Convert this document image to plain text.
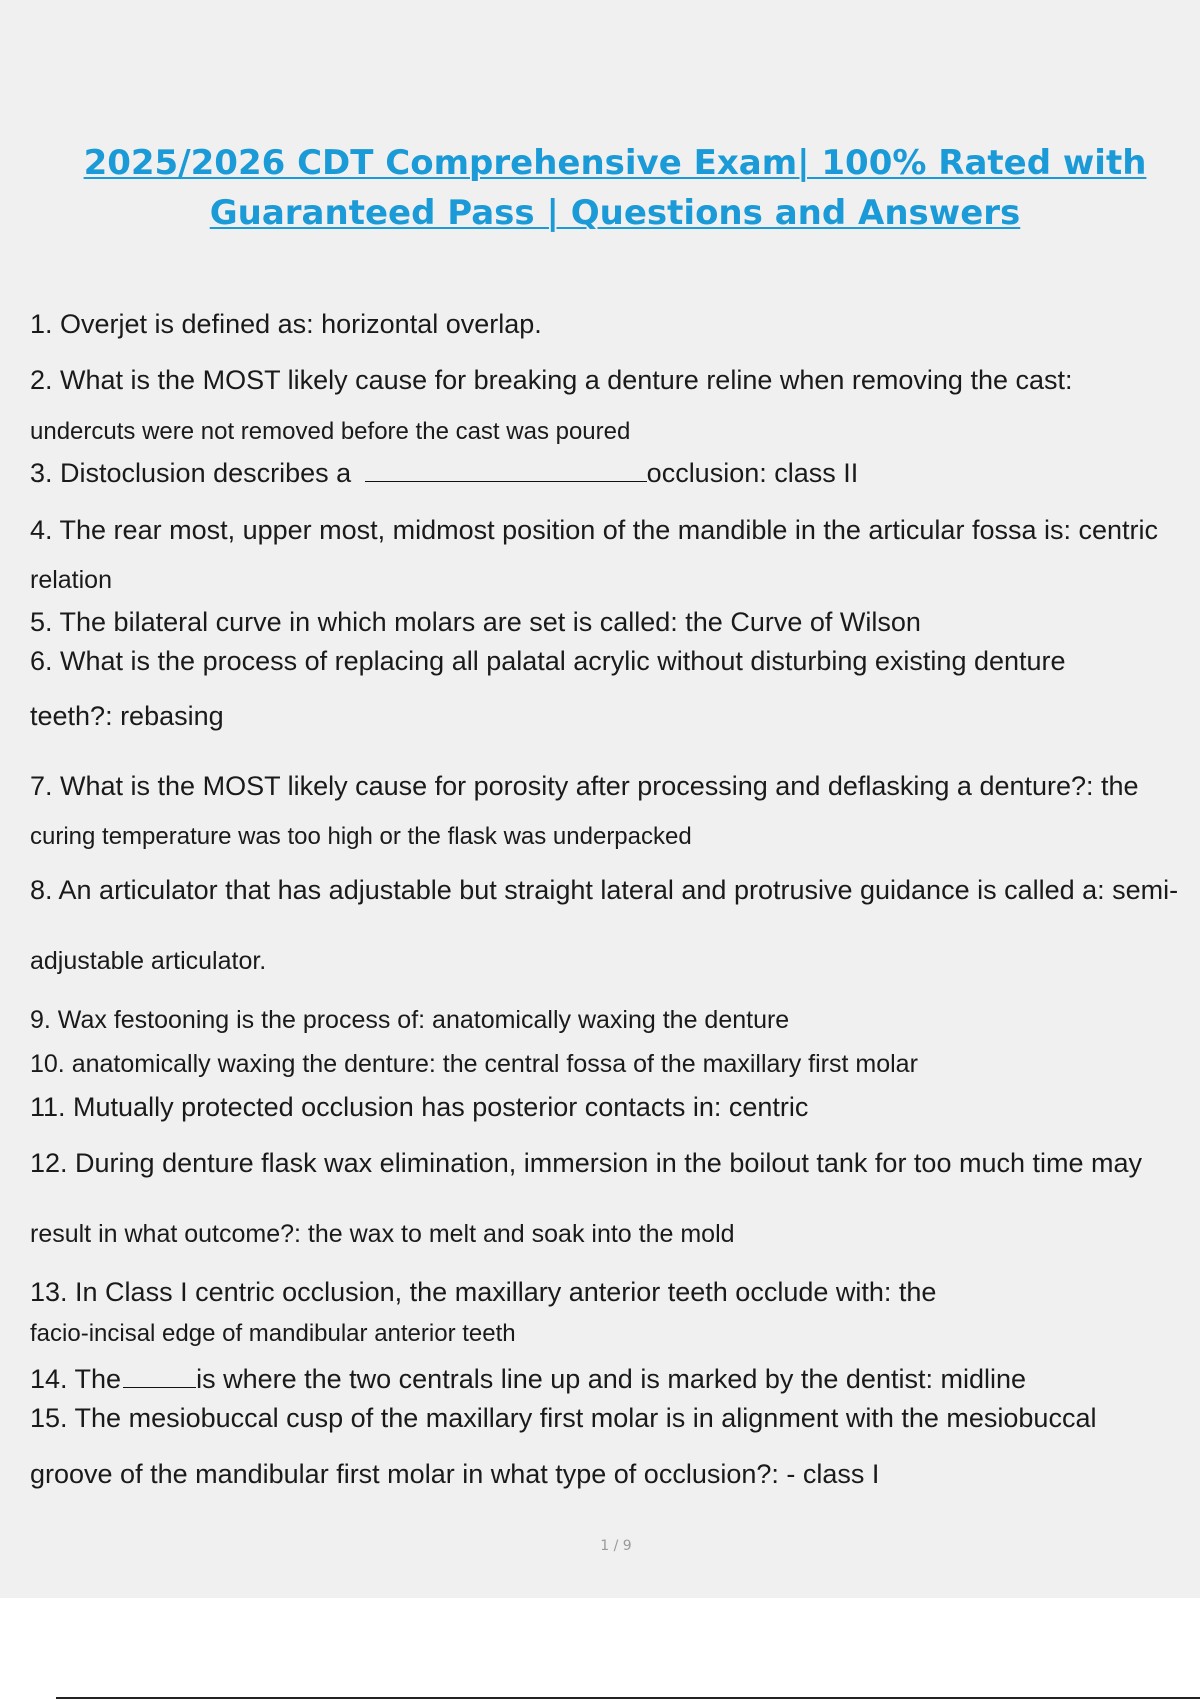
2025/2026 CDT Comprehensive Exam| 100% Rated with
Guaranteed Pass | Questions and Answers
1. Overjet is defined as: horizontal overlap.
2. What is the MOST likely cause for breaking a denture reline when removing the cast:
undercuts were not removed before the cast was poured
3. Distoclusion describes a	occlusion: class II
4. The rear most, upper most, midmost position of the mandible in the articular fossa is: centric
relation
5. The bilateral curve in which molars are set is called: the Curve of Wilson
6. What is the process of replacing all palatal acrylic without disturbing existing denture
teeth?: rebasing
7. What is the MOST likely cause for porosity after processing and deflasking a denture?: the
curing temperature was too high or the flask was underpacked
8. An articulator that has adjustable but straight lateral and protrusive guidance is called a: semi-
adjustable articulator.
9. Wax festooning is the process of: anatomically waxing the denture
10. anatomically waxing the denture: the central fossa of the maxillary first molar
11. Mutually protected occlusion has posterior contacts in: centric
12. During denture flask wax elimination, immersion in the boilout tank for too much time may
result in what outcome?: the wax to melt and soak into the mold
13. In Class I centric occlusion, the maxillary anterior teeth occlude with: the
facio-incisal edge of mandibular anterior teeth
14. The	is where the two centrals line up and is marked by the dentist: midline
15. The mesiobuccal cusp of the maxillary first molar is in alignment with the mesiobuccal
groove of the mandibular first molar in what type of occlusion?: - class I
1 / 9
